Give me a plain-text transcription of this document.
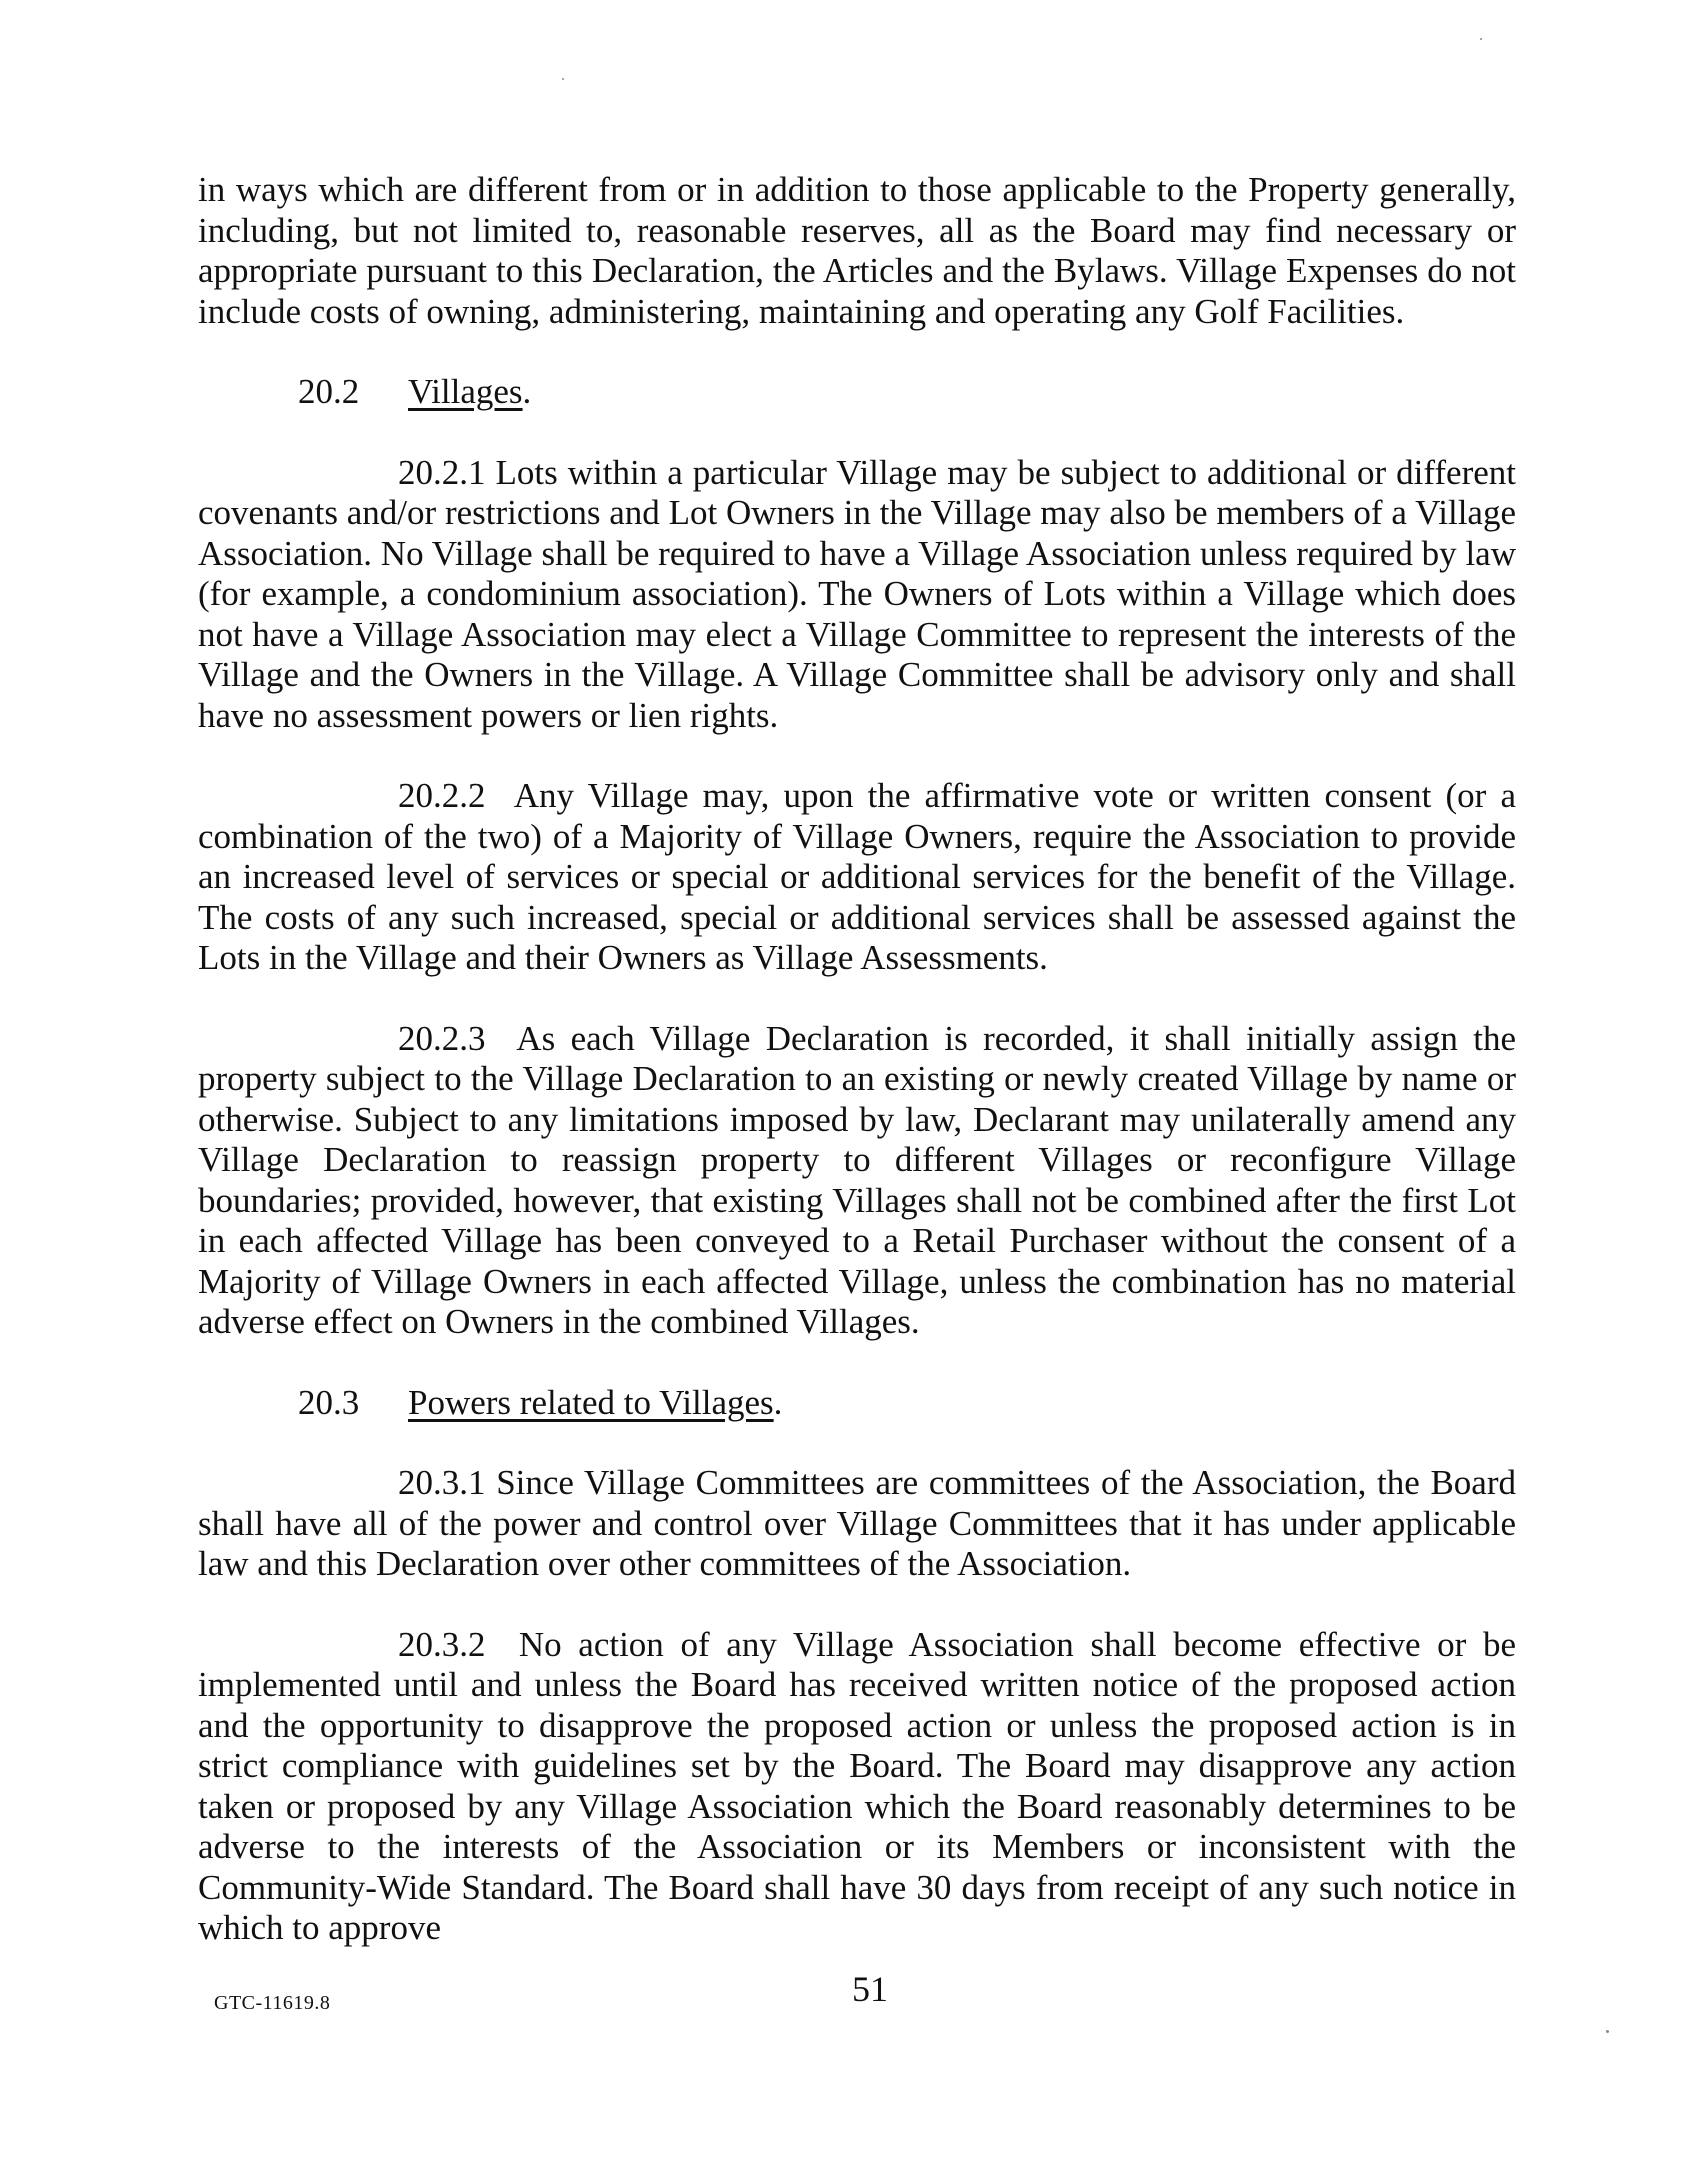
in ways which are different from or in addition to those applicable to the Property generally, including, but not limited to, reasonable reserves, all as the Board may find necessary or appropriate pursuant to this Declaration, the Articles and the Bylaws. Village Expenses do not include costs of owning, administering, maintaining and operating any Golf Facilities.

20.2 Villages.

20.2.1 Lots within a particular Village may be subject to additional or different covenants and/or restrictions and Lot Owners in the Village may also be members of a Village Association. No Village shall be required to have a Village Association unless required by law (for example, a condominium association). The Owners of Lots within a Village which does not have a Village Association may elect a Village Committee to represent the interests of the Village and the Owners in the Village. A Village Committee shall be advisory only and shall have no assessment powers or lien rights.

20.2.2 Any Village may, upon the affirmative vote or written consent (or a combination of the two) of a Majority of Village Owners, require the Association to provide an increased level of services or special or additional services for the benefit of the Village. The costs of any such increased, special or additional services shall be assessed against the Lots in the Village and their Owners as Village Assessments.

20.2.3 As each Village Declaration is recorded, it shall initially assign the property subject to the Village Declaration to an existing or newly created Village by name or otherwise. Subject to any limitations imposed by law, Declarant may unilaterally amend any Village Declaration to reassign property to different Villages or reconfigure Village boundaries; provided, however, that existing Villages shall not be combined after the first Lot in each affected Village has been conveyed to a Retail Purchaser without the consent of a Majority of Village Owners in each affected Village, unless the combination has no material adverse effect on Owners in the combined Villages.

20.3 Powers related to Villages.

20.3.1 Since Village Committees are committees of the Association, the Board shall have all of the power and control over Village Committees that it has under applicable law and this Declaration over other committees of the Association.

20.3.2 No action of any Village Association shall become effective or be implemented until and unless the Board has received written notice of the proposed action and the opportunity to disapprove the proposed action or unless the proposed action is in strict compliance with guidelines set by the Board. The Board may disapprove any action taken or proposed by any Village Association which the Board reasonably determines to be adverse to the interests of the Association or its Members or inconsistent with the Community-Wide Standard. The Board shall have 30 days from receipt of any such notice in which to approve

GTC-11619.8	51
